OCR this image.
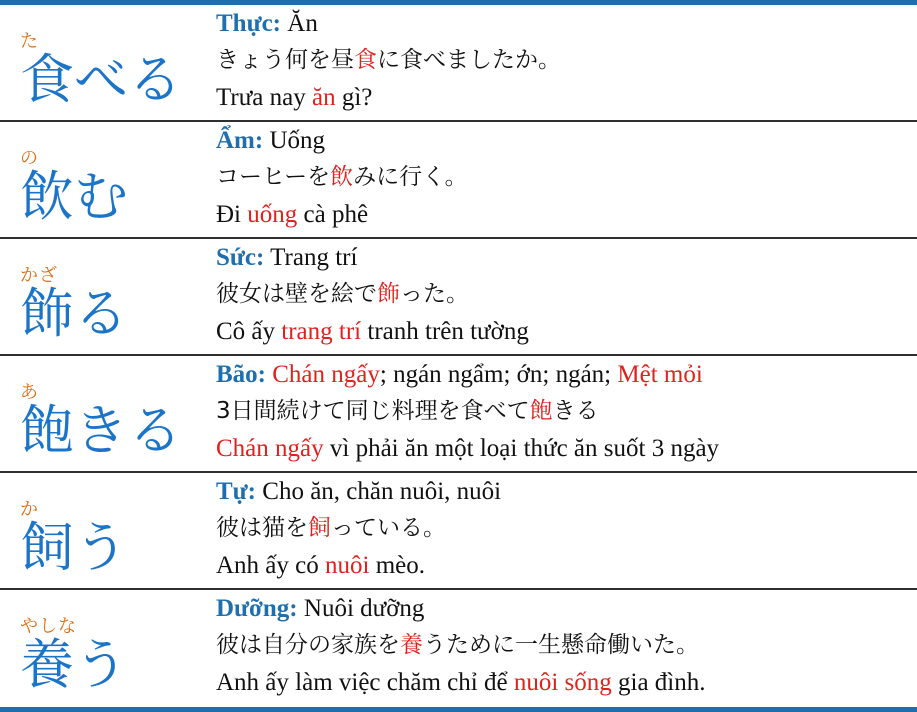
た
食べる
Thực: Ăn
きょう何を昼食に食べましたか。
Trưa nay ăn gì?
の
飲む
Ẩm: Uống
コーヒーを飲みに行く。
Đi uống cà phê
かざ
飾る
Sức: Trang trí
彼女は壁を絵で飾った。
Cô ấy trang trí tranh trên tường
あ
飽きる
Bão: Chán ngấy; ngán ngẩm; ớn; ngán; Mệt mỏi
3日間続けて同じ料理を食べて飽きる
Chán ngấy vì phải ăn một loại thức ăn suốt 3 ngày
か
飼う
Tự: Cho ăn, chăn nuôi, nuôi
彼は猫を飼っている。
Anh ấy có nuôi mèo.
やしな
養う
Dưỡng: Nuôi dưỡng
彼は自分の家族を養うために一生懸命働いた。
Anh ấy làm việc chăm chỉ để nuôi sống gia đình.
